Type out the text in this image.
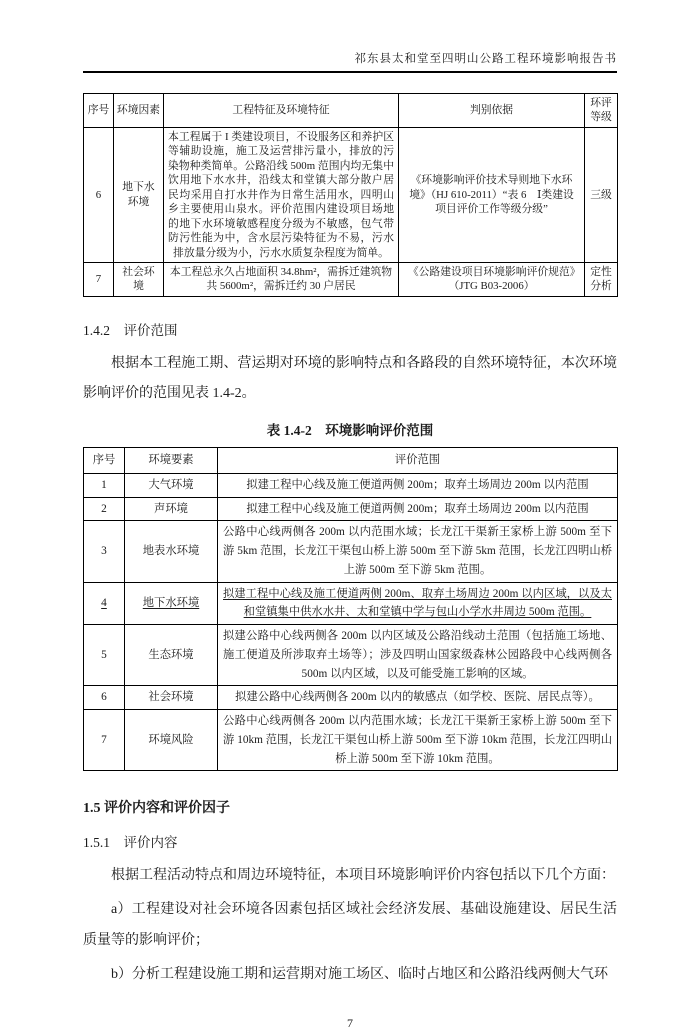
祁东县太和堂至四明山公路工程环境影响报告书
序号	环境因素	工程特征及环境特征	判别依据	环评等级
6	地下水环境	本工程属于 I 类建设项目，不设服务区和养护区等辅助设施，施工及运营排污量小，排放的污染物种类简单。公路沿线 500m 范围内均无集中饮用地下水水井，沿线太和堂镇大部分散户居民均采用自打水井作为日常生活用水，四明山乡主要使用山泉水。评价范围内建设项目场地的地下水环境敏感程度分级为不敏感，包气带防污性能为中，含水层污染特征为不易，污水排放量分级为小，污水水质复杂程度为简单。	《环境影响评价技术导则地下水环境》（HJ 610-2011）“表 6　Ⅰ类建设项目评价工作等级分级”	三级
7	社会环境	本工程总永久占地面积 34.8hm²，需拆迁建筑物共 5600m²，需拆迁约 30 户居民	《公路建设项目环境影响评价规范》（JTG B03-2006）	定性分析
1.4.2　评价范围

根据本工程施工期、营运期对环境的影响特点和各路段的自然环境特征，本次环境影响评价的范围见表 1.4-2。

表 1.4-2　环境影响评价范围
序号	环境要素	评价范围
1	大气环境	拟建工程中心线及施工便道两侧 200m；取弃土场周边 200m 以内范围
2	声环境	拟建工程中心线及施工便道两侧 200m；取弃土场周边 200m 以内范围
3	地表水环境	公路中心线两侧各 200m 以内范围水域；长龙江干渠新王家桥上游 500m 至下游 5km 范围，长龙江干渠包山桥上游 500m 至下游 5km 范围，长龙江四明山桥上游 500m 至下游 5km 范围。
4	地下水环境	拟建工程中心线及施工便道两侧 200m、取弃土场周边 200m 以内区域，以及太和堂镇集中供水水井、太和堂镇中学与包山小学水井周边 500m 范围。
5	生态环境	拟建公路中心线两侧各 200m 以内区域及公路沿线动土范围（包括施工场地、施工便道及所涉取弃土场等）；涉及四明山国家级森林公园路段中心线两侧各 500m 以内区域，以及可能受施工影响的区域。
6	社会环境	拟建公路中心线两侧各 200m 以内的敏感点（如学校、医院、居民点等）。
7	环境风险	公路中心线两侧各 200m 以内范围水域；长龙江干渠新王家桥上游 500m 至下游 10km 范围，长龙江干渠包山桥上游 500m 至下游 10km 范围，长龙江四明山桥上游 500m 至下游 10km 范围。
1.5 评价内容和评价因子
1.5.1　评价内容

根据工程活动特点和周边环境特征，本项目环境影响评价内容包括以下几个方面：

a）工程建设对社会环境各因素包括区域社会经济发展、基础设施建设、居民生活质量等的影响评价；

b）分析工程建设施工期和运营期对施工场区、临时占地区和公路沿线两侧大气环

7
